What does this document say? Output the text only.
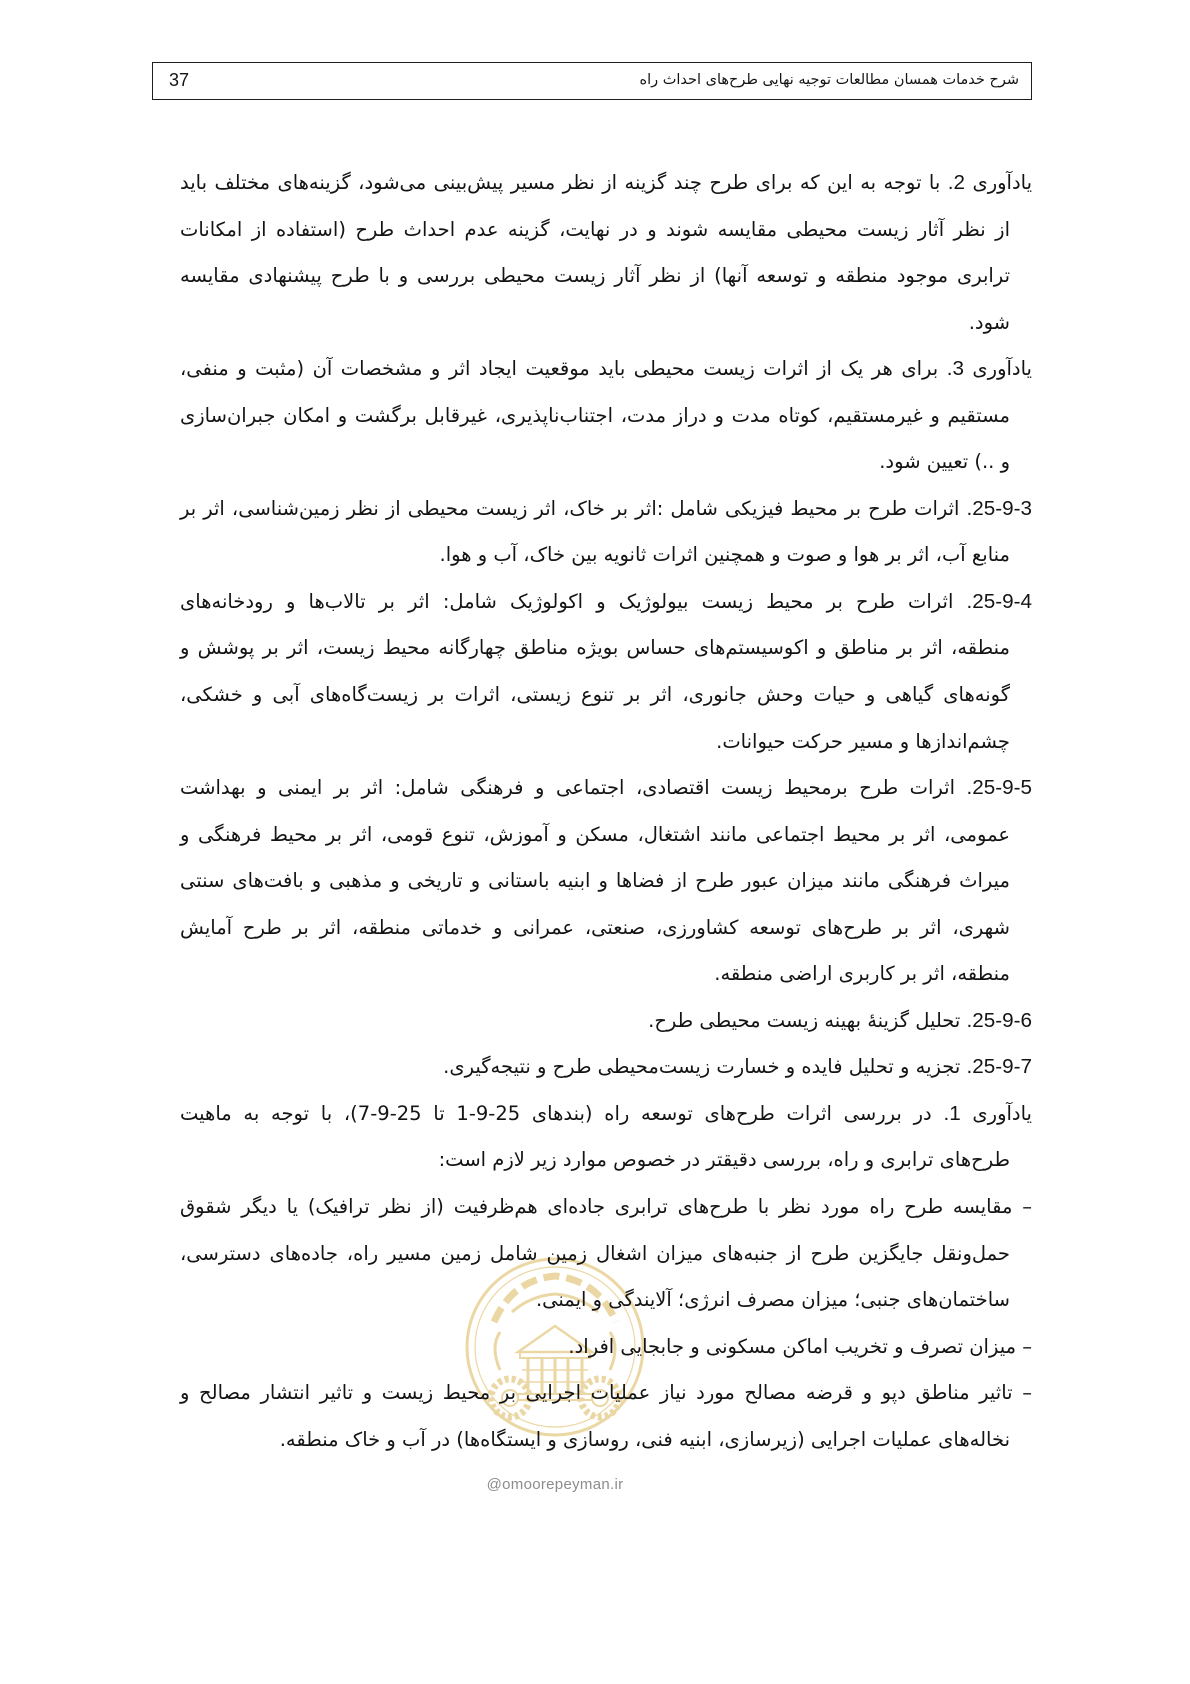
37	شرح خدمات همسان مطالعات توجیه نهایی طرح‌های احداث راه
یادآوری 2. با توجه به این که برای طرح چند گزینه از نظر مسیر پیش‌بینی می‌شود، گزینه‌های مختلف باید
از نظر آثار زیست محیطی مقایسه شوند و در نهایت، گزینه عدم احداث طرح (استفاده از امکانات
ترابری موجود منطقه و توسعه آنها) از نظر آثار زیست محیطی بررسی و با طرح پیشنهادی مقایسه
شود.
یادآوری 3. برای هر یک از اثرات زیست محیطی باید موقعیت ایجاد اثر و مشخصات آن (مثبت و منفی،
مستقیم و غیرمستقیم، کوتاه مدت و دراز مدت، اجتناب‌ناپذیری، غیرقابل برگشت و امکان جبران‌سازی
و ..) تعیین شود.
25-9-3. اثرات طرح بر محیط فیزیکی شامل :اثر بر خاک، اثر زیست محیطی از نظر زمین‌شناسی، اثر بر
منابع آب، اثر بر هوا و صوت و همچنین اثرات ثانویه بین خاک، آب و هوا.
25-9-4. اثرات طرح بر محیط زیست بیولوژیک و اکولوژیک شامل: اثر بر تالاب‌ها و رودخانه‌های
منطقه، اثر بر مناطق و اکوسیستم‌های حساس بویژه مناطق چهارگانه محیط زیست، اثر بر پوشش و
گونه‌های گیاهی و حیات وحش جانوری، اثر بر تنوع زیستی، اثرات بر زیست‌گاه‌های آبی و خشکی،
چشم‌اندازها و مسیر حرکت حیوانات.
25-9-5. اثرات طرح برمحیط زیست اقتصادی، اجتماعی و فرهنگی شامل: اثر بر ایمنی و بهداشت
عمومی، اثر بر محیط اجتماعی مانند اشتغال، مسکن و آموزش، تنوع قومی، اثر بر محیط فرهنگی و
میراث فرهنگی مانند میزان عبور طرح از فضاها و ابنیه باستانی و تاریخی و مذهبی و بافت‌های سنتی
شهری، اثر بر طرح‌های توسعه کشاورزی، صنعتی، عمرانی و خدماتی منطقه، اثر بر طرح آمایش
منطقه، اثر بر کاربری اراضی منطقه.
25-9-6. تحلیل گزینۀ بهینه زیست محیطی طرح.
25-9-7. تجزیه و تحلیل فایده و خسارت زیست‌محیطی طرح و نتیجه‌گیری.
یادآوری 1. در بررسی اثرات طرح‌های توسعه راه (بندهای 25-9-1 تا 25-9-7)، با توجه به ماهیت
طرح‌های ترابری و راه، بررسی دقیقتر در خصوص موارد زیر لازم است:
– مقایسه طرح راه مورد نظر با طرح‌های ترابری جاده‌ای هم‌ظرفیت (از نظر ترافیک) یا دیگر شقوق
حمل‌ونقل جایگزین طرح از جنبه‌های میزان اشغال زمین شامل زمین مسیر راه، جاده‌های دسترسی،
ساختمان‌های جنبی؛ میزان مصرف انرژی؛ آلایندگی و ایمنی.
– میزان تصرف و تخریب اماکن مسکونی و جابجایی افراد.
– تاثیر مناطق دپو و قرضه مصالح مورد نیاز عملیات اجرایی بر محیط زیست و تاثیر انتشار مصالح و
نخاله‌های عملیات اجرایی (زیرسازی، ابنیه فنی، روسازی و ایستگاه‌ها) در آب و خاک منطقه.
@omoorepeyman.ir
